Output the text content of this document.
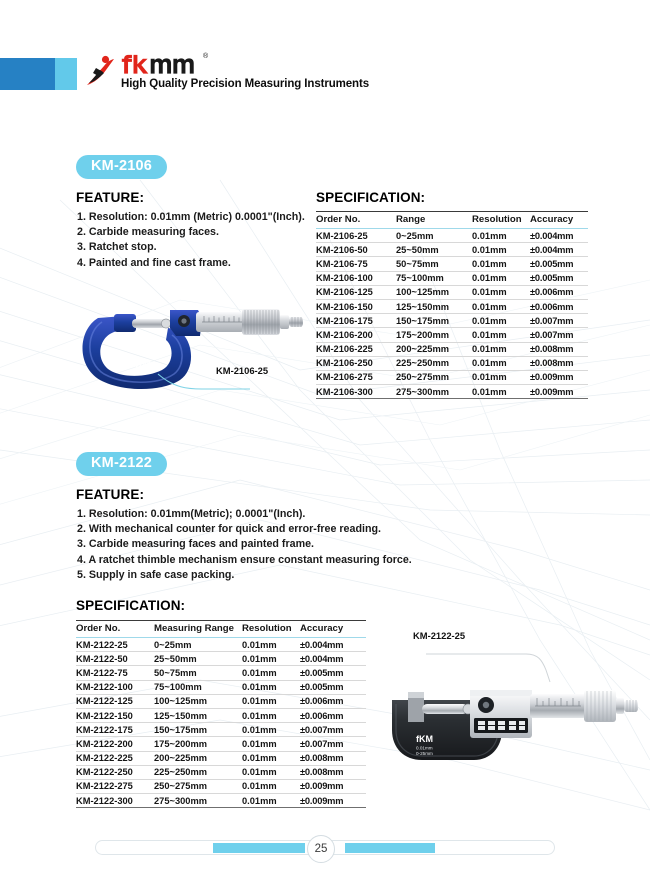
®
High Quality Precision Measuring Instruments
KM-2106
FEATURE:
1. Resolution: 0.01mm (Metric) 0.0001"(Inch).
2. Carbide measuring faces.
3. Ratchet stop.
4. Painted and fine cast frame.
SPECIFICATION:
Order No.	Range	Resolution	Accuracy
KM-2106-25	0~25mm	0.01mm	±0.004mm
KM-2106-50	25~50mm	0.01mm	±0.004mm
KM-2106-75	50~75mm	0.01mm	±0.005mm
KM-2106-100	75~100mm	0.01mm	±0.005mm
KM-2106-125	100~125mm	0.01mm	±0.006mm
KM-2106-150	125~150mm	0.01mm	±0.006mm
KM-2106-175	150~175mm	0.01mm	±0.007mm
KM-2106-200	175~200mm	0.01mm	±0.007mm
KM-2106-225	200~225mm	0.01mm	±0.008mm
KM-2106-250	225~250mm	0.01mm	±0.008mm
KM-2106-275	250~275mm	0.01mm	±0.009mm
KM-2106-300	275~300mm	0.01mm	±0.009mm
fKM
KM-2106-25
KM-2122
FEATURE:
1. Resolution: 0.01mm(Metric); 0.0001"(Inch).
2. With mechanical counter for quick and error-free reading.
3. Carbide measuring faces and painted frame.
4. A ratchet thimble mechanism ensure constant measuring force.
5. Supply in safe case packing.
SPECIFICATION:
Order No.	Measuring Range	Resolution	Accuracy
KM-2122-25	0~25mm	0.01mm	±0.004mm
KM-2122-50	25~50mm	0.01mm	±0.004mm
KM-2122-75	50~75mm	0.01mm	±0.005mm
KM-2122-100	75~100mm	0.01mm	±0.005mm
KM-2122-125	100~125mm	0.01mm	±0.006mm
KM-2122-150	125~150mm	0.01mm	±0.006mm
KM-2122-175	150~175mm	0.01mm	±0.007mm
KM-2122-200	175~200mm	0.01mm	±0.007mm
KM-2122-225	200~225mm	0.01mm	±0.008mm
KM-2122-250	225~250mm	0.01mm	±0.008mm
KM-2122-275	250~275mm	0.01mm	±0.009mm
KM-2122-300	275~300mm	0.01mm	±0.009mm
KM-2122-25
fKM
0.01mm
0-25mm
25
